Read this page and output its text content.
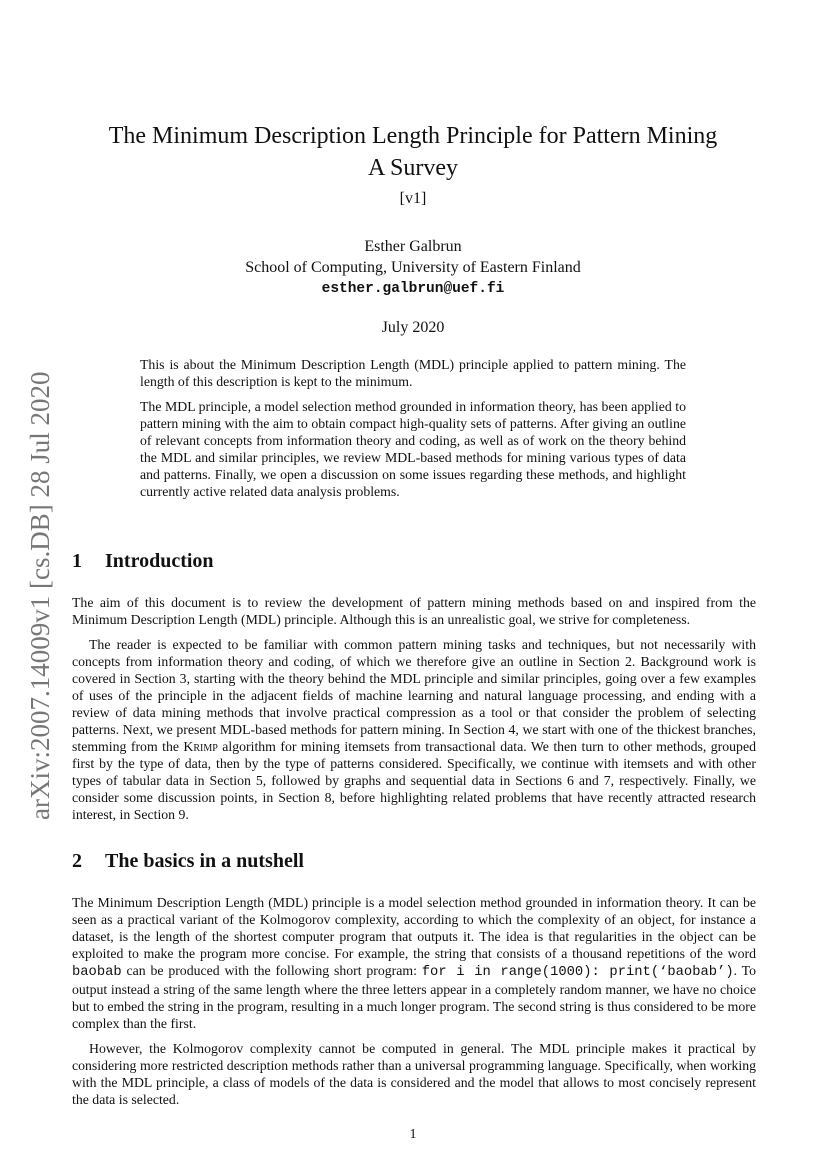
arXiv:2007.14009v1 [cs.DB] 28 Jul 2020
The Minimum Description Length Principle for Pattern Mining
A Survey
[v1]
Esther Galbrun
School of Computing, University of Eastern Finland
esther.galbrun@uef.fi
July 2020

This is about the Minimum Description Length (MDL) principle applied to pattern mining. The length of this description is kept to the minimum.

The MDL principle, a model selection method grounded in information theory, has been applied to pattern mining with the aim to obtain compact high-quality sets of patterns. After giving an outline of relevant concepts from information theory and coding, as well as of work on the theory behind the MDL and similar principles, we review MDL-based methods for mining various types of data and patterns. Finally, we open a discussion on some issues regarding these methods, and highlight currently active related data analysis problems.

1 Introduction

The aim of this document is to review the development of pattern mining methods based on and inspired from the Minimum Description Length (MDL) principle. Although this is an unrealistic goal, we strive for completeness.

The reader is expected to be familiar with common pattern mining tasks and techniques, but not necessarily with concepts from information theory and coding, of which we therefore give an outline in Section 2. Background work is covered in Section 3, starting with the theory behind the MDL principle and similar principles, going over a few examples of uses of the principle in the adjacent fields of machine learning and natural language processing, and ending with a review of data mining methods that involve practical compression as a tool or that consider the problem of selecting patterns. Next, we present MDL-based methods for pattern mining. In Section 4, we start with one of the thickest branches, stemming from the Krimp algorithm for mining itemsets from transactional data. We then turn to other methods, grouped first by the type of data, then by the type of patterns considered. Specifically, we continue with itemsets and with other types of tabular data in Section 5, followed by graphs and sequential data in Sections 6 and 7, respectively. Finally, we consider some discussion points, in Section 8, before highlighting related problems that have recently attracted research interest, in Section 9.

2 The basics in a nutshell

The Minimum Description Length (MDL) principle is a model selection method grounded in information theory. It can be seen as a practical variant of the Kolmogorov complexity, according to which the complexity of an object, for instance a dataset, is the length of the shortest computer program that outputs it. The idea is that regularities in the object can be exploited to make the program more concise. For example, the string that consists of a thousand repetitions of the word baobab can be produced with the following short program: for i in range(1000): print(‘baobab’). To output instead a string of the same length where the three letters appear in a completely random manner, we have no choice but to embed the string in the program, resulting in a much longer program. The second string is thus considered to be more complex than the first.

However, the Kolmogorov complexity cannot be computed in general. The MDL principle makes it practical by considering more restricted description methods rather than a universal programming language. Specifically, when working with the MDL principle, a class of models of the data is considered and the model that allows to most concisely represent the data is selected.

1
